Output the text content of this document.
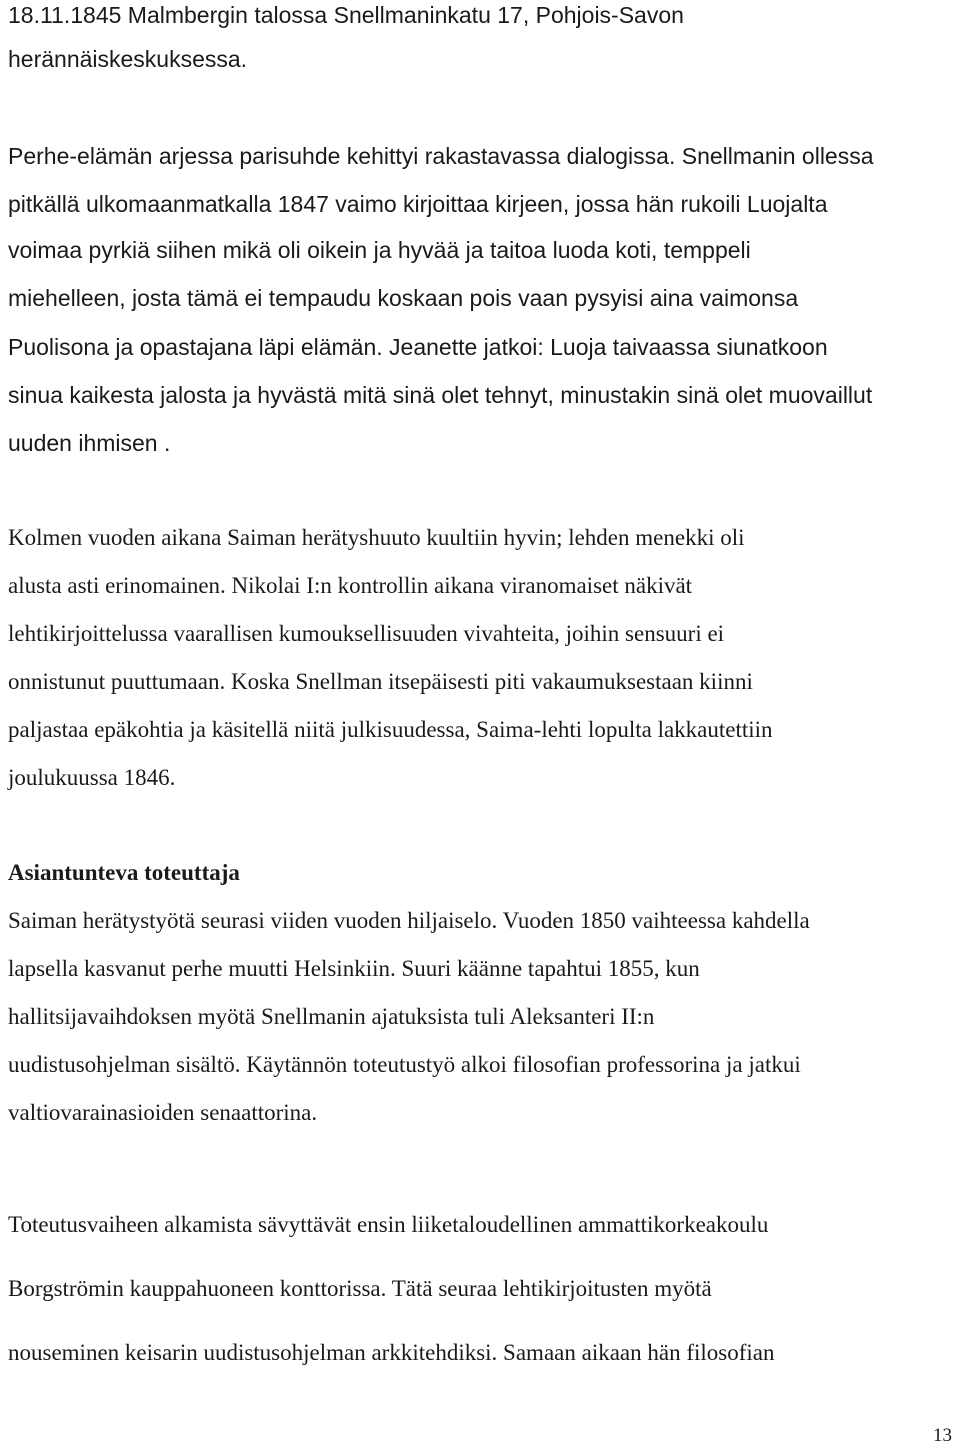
18.11.1845 Malmbergin talossa Snellmaninkatu 17, Pohjois-Savon

herännäiskeskuksessa.

Perhe-elämän arjessa parisuhde kehittyi rakastavassa dialogissa. Snellmanin ollessa

pitkällä ulkomaanmatkalla 1847 vaimo kirjoittaa kirjeen, jossa hän rukoili Luojalta

voimaa pyrkiä siihen mikä oli oikein ja hyvää ja taitoa luoda koti, temppeli

miehelleen, josta tämä ei tempaudu koskaan pois vaan pysyisi aina vaimonsa

Puolisona ja opastajana läpi elämän. Jeanette jatkoi: Luoja taivaassa siunatkoon

sinua kaikesta jalosta ja hyvästä mitä sinä olet tehnyt, minustakin sinä olet muovaillut

uuden ihmisen .

Kolmen vuoden aikana Saiman herätyshuuto kuultiin hyvin; lehden menekki oli

alusta asti erinomainen. Nikolai I:n kontrollin aikana viranomaiset näkivät

lehtikirjoittelussa vaarallisen kumouksellisuuden vivahteita, joihin sensuuri ei

onnistunut puuttumaan. Koska Snellman itsepäisesti piti vakaumuksestaan kiinni

paljastaa epäkohtia ja käsitellä niitä julkisuudessa, Saima-lehti lopulta lakkautettiin

joulukuussa 1846.

Asiantunteva toteuttaja

Saiman herätystyötä seurasi viiden vuoden hiljaiselo. Vuoden 1850 vaihteessa kahdella

lapsella kasvanut perhe muutti Helsinkiin. Suuri käänne tapahtui 1855, kun

hallitsijavaihdoksen myötä Snellmanin ajatuksista tuli Aleksanteri II:n

uudistusohjelman sisältö. Käytännön toteutustyö alkoi filosofian professorina ja jatkui

valtiovarainasioiden senaattorina.

Toteutusvaiheen alkamista sävyttävät ensin liiketaloudellinen ammattikorkeakoulu

Borgströmin kauppahuoneen konttorissa. Tätä seuraa lehtikirjoitusten myötä

nouseminen keisarin uudistusohjelman arkkitehdiksi. Samaan aikaan hän filosofian

13
